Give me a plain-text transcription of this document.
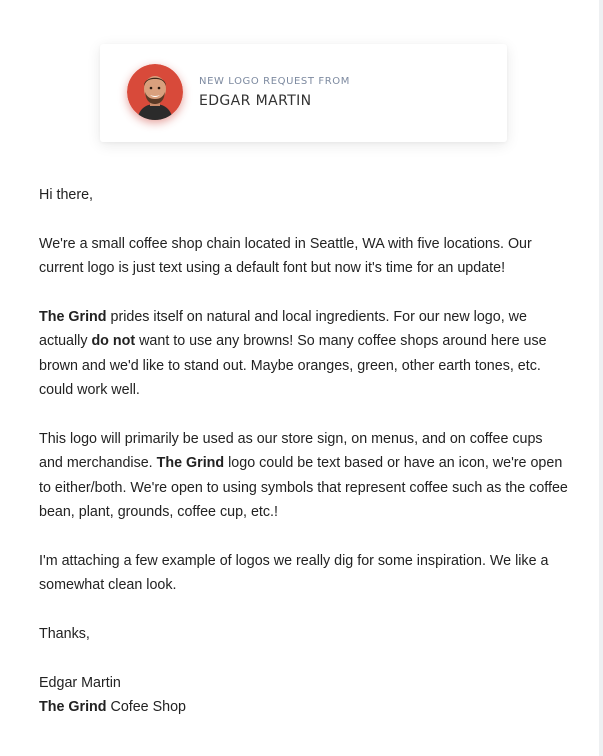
NEW LOGO REQUEST FROM
EDGAR MARTIN

Hi there,

We're a small coffee shop chain located in Seattle, WA with five locations. Our current logo is just text using a default font but now it's time for an update!

The Grind prides itself on natural and local ingredients. For our new logo, we actually do not want to use any browns! So many coffee shops around here use brown and we'd like to stand out. Maybe oranges, green, other earth tones, etc. could work well.

This logo will primarily be used as our store sign, on menus, and on coffee cups and merchandise. The Grind logo could be text based or have an icon, we're open to either/both. We're open to using symbols that represent coffee such as the coffee bean, plant, grounds, coffee cup, etc.!

I'm attaching a few example of logos we really dig for some inspiration. We like a somewhat clean look.

Thanks,

Edgar Martin
The Grind Cofee Shop
